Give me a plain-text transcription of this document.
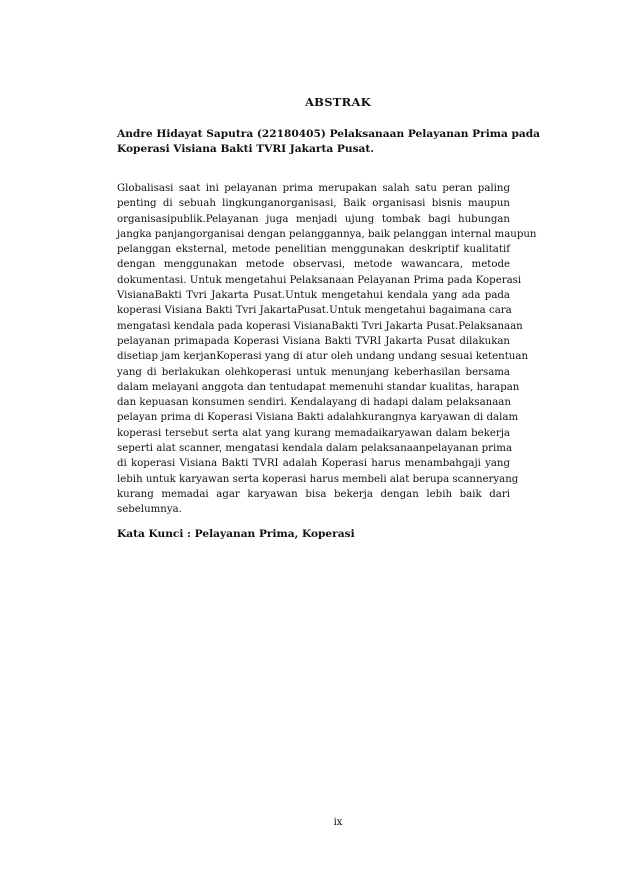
ABSTRAK
Andre Hidayat Saputra (22180405) Pelaksanaan Pelayanan Prima pada
Koperasi Visiana Bakti TVRI Jakarta Pusat.
Globalisasi saat ini pelayanan prima merupakan salah satu peran paling
penting di sebuah lingkunganorganisasi, Baik organisasi bisnis maupun
organisasipublik.Pelayanan juga menjadi ujung tombak bagi hubungan
jangka panjangorganisai dengan pelanggannya, baik pelanggan internal maupun
pelanggan eksternal, metode penelitian menggunakan deskriptif kualitatif
dengan menggunakan metode observasi, metode wawancara, metode
dokumentasi. Untuk mengetahui Pelaksanaan Pelayanan Prima pada Koperasi
VisianaBakti Tvri Jakarta Pusat.Untuk mengetahui kendala yang ada pada
koperasi Visiana Bakti Tvri JakartaPusat.Untuk mengetahui bagaimana cara
mengatasi kendala pada koperasi VisianaBakti Tvri Jakarta Pusat.Pelaksanaan
pelayanan primapada Koperasi Visiana Bakti TVRI Jakarta Pusat dilakukan
disetiap jam kerjanKoperasi yang di atur oleh undang undang sesuai ketentuan
yang di berlakukan olehkoperasi untuk menunjang keberhasilan bersama
dalam melayani anggota dan tentudapat memenuhi standar kualitas, harapan
dan kepuasan konsumen sendiri. Kendalayang di hadapi dalam pelaksanaan
pelayan prima di Koperasi Visiana Bakti adalahkurangnya karyawan di dalam
koperasi tersebut serta alat yang kurang memadaikaryawan dalam bekerja
seperti alat scanner, mengatasi kendala dalam pelaksanaanpelayanan prima
di koperasi Visiana Bakti TVRI adalah Koperasi harus menambahgaji yang
lebih untuk karyawan serta koperasi harus membeli alat berupa scanneryang
kurang memadai agar karyawan bisa bekerja dengan lebih baik dari
sebelumnya.
Kata Kunci : Pelayanan Prima, Koperasi
ix
